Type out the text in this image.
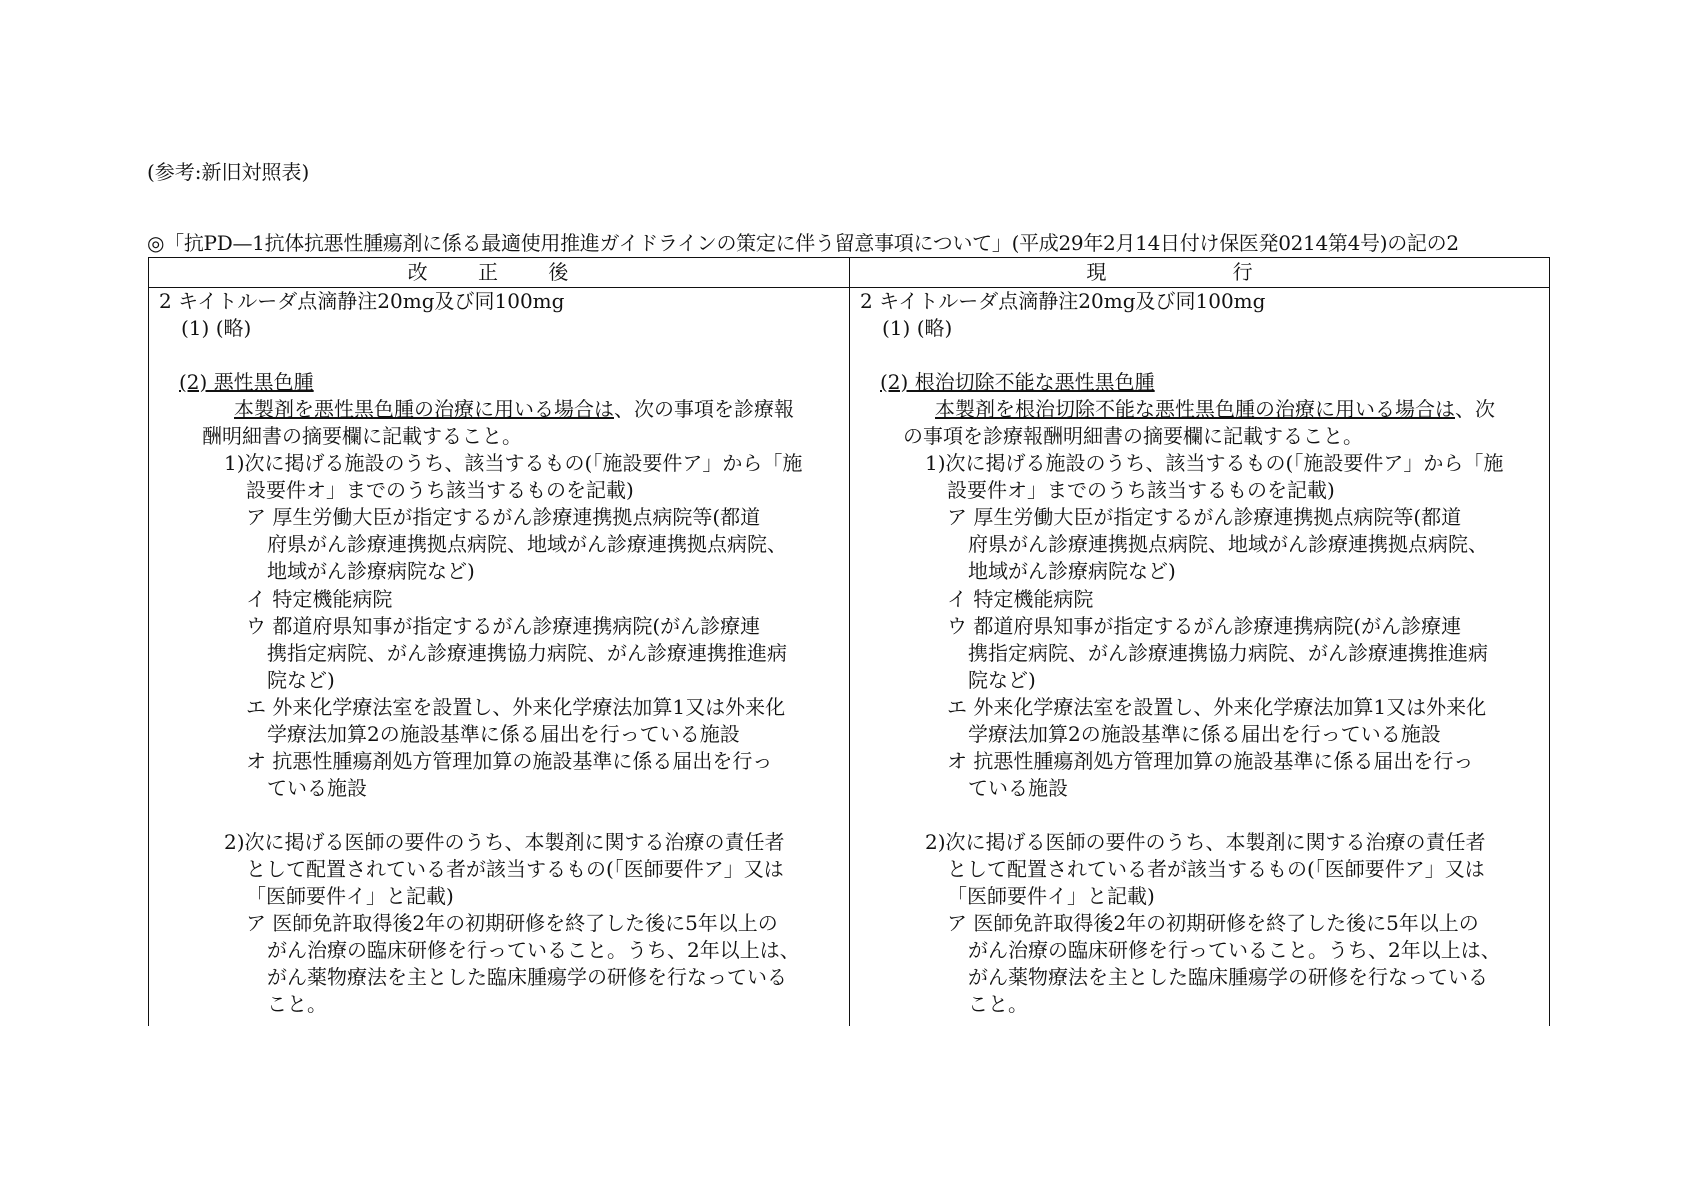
(参考:新旧対照表)
◎「抗PD—1抗体抗悪性腫瘍剤に係る最適使用推進ガイドラインの策定に伴う留意事項について」(平成29年2月14日付け保医発0214第4号)の記の2
改 正 後	現 行
2 キイトルーダ点滴静注20mg及び同100mg
(1) (略)
(2) 悪性黒色腫
本製剤を悪性黒色腫の治療に用いる場合は、次の事項を診療報
酬明細書の摘要欄に記載すること。
1)次に掲げる施設のうち、該当するもの(「施設要件ア」から「施
設要件オ」までのうち該当するものを記載)
ア 厚生労働大臣が指定するがん診療連携拠点病院等(都道
府県がん診療連携拠点病院、地域がん診療連携拠点病院、
地域がん診療病院など)
イ 特定機能病院
ウ 都道府県知事が指定するがん診療連携病院(がん診療連
携指定病院、がん診療連携協力病院、がん診療連携推進病
院など)
エ 外来化学療法室を設置し、外来化学療法加算1又は外来化
学療法加算2の施設基準に係る届出を行っている施設
オ 抗悪性腫瘍剤処方管理加算の施設基準に係る届出を行っ
ている施設
2)次に掲げる医師の要件のうち、本製剤に関する治療の責任者
として配置されている者が該当するもの(「医師要件ア」又は
「医師要件イ」と記載)
ア 医師免許取得後2年の初期研修を終了した後に5年以上の
がん治療の臨床研修を行っていること。うち、2年以上は、
がん薬物療法を主とした臨床腫瘍学の研修を行なっている
こと。
2 キイトルーダ点滴静注20mg及び同100mg
(1) (略)
(2) 根治切除不能な悪性黒色腫
本製剤を根治切除不能な悪性黒色腫の治療に用いる場合は、次
の事項を診療報酬明細書の摘要欄に記載すること。
1)次に掲げる施設のうち、該当するもの(「施設要件ア」から「施
設要件オ」までのうち該当するものを記載)
ア 厚生労働大臣が指定するがん診療連携拠点病院等(都道
府県がん診療連携拠点病院、地域がん診療連携拠点病院、
地域がん診療病院など)
イ 特定機能病院
ウ 都道府県知事が指定するがん診療連携病院(がん診療連
携指定病院、がん診療連携協力病院、がん診療連携推進病
院など)
エ 外来化学療法室を設置し、外来化学療法加算1又は外来化
学療法加算2の施設基準に係る届出を行っている施設
オ 抗悪性腫瘍剤処方管理加算の施設基準に係る届出を行っ
ている施設
2)次に掲げる医師の要件のうち、本製剤に関する治療の責任者
として配置されている者が該当するもの(「医師要件ア」又は
「医師要件イ」と記載)
ア 医師免許取得後2年の初期研修を終了した後に5年以上の
がん治療の臨床研修を行っていること。うち、2年以上は、
がん薬物療法を主とした臨床腫瘍学の研修を行なっている
こと。
